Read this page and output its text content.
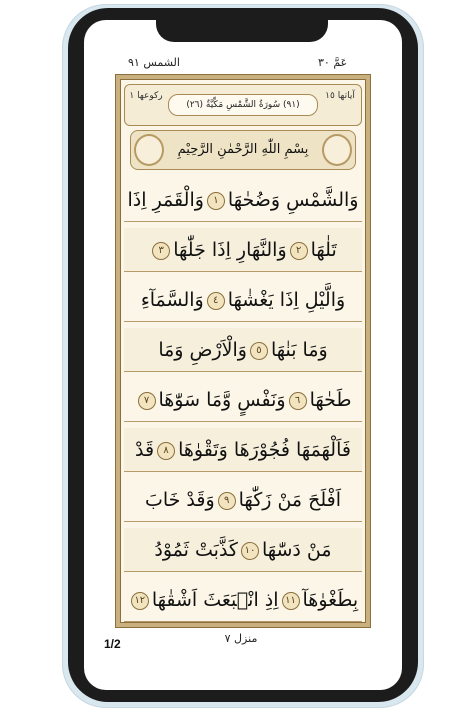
الشمس ٩١	عَمَّ ٣٠
ركوعها ١	آياتها ١٥
(٩١) سُورَةُ الشَّمْسِ مَكِّيَّةٌ (٢٦)
بِسْمِ اللّٰهِ الرَّحْمٰنِ الرَّحِيْمِ
وَالشَّمْسِ وَضُحٰهَا١وَالْقَمَرِ اِذَا
تَلٰهَا٢وَالنَّهَارِ اِذَا جَلّٰهَا٣
وَالَّيْلِ اِذَا يَغْشٰهَا٤وَالسَّمَآءِ
وَمَا بَنٰهَا٥وَالْاَرْضِ وَمَا
طَحٰهَا٦وَنَفْسٍ وَّمَا سَوّٰهَا٧
فَاَلْهَمَهَا فُجُوْرَهَا وَتَقْوٰهَا٨قَدْ
اَفْلَحَ مَنْ زَكّٰهَا٩وَقَدْ خَابَ
مَنْ دَسّٰهَا١٠كَذَّبَتْ ثَمُوْدُ
بِطَغْوٰهَآ١١اِذِ انْۢبَعَثَ اَشْقٰهَا١٢
منزل ٧
1/2
